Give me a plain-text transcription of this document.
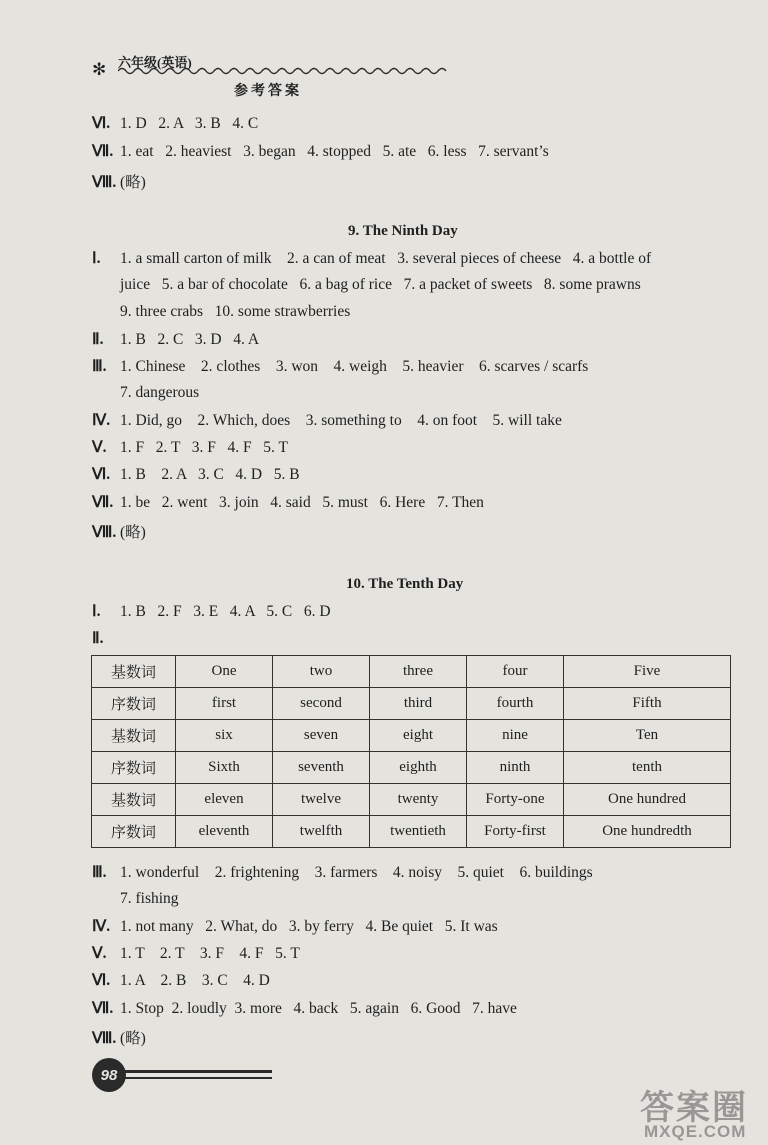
✻ 六年级(英语)
参考答案
Ⅵ. 1. D   2. A   3. B   4. C
Ⅶ. 1. eat   2. heaviest   3. began   4. stopped   5. ate   6. less   7. servant’s
Ⅷ. (略)
9. The Ninth Day
Ⅰ. 1. a small carton of milk    2. a can of meat   3. several pieces of cheese   4. a bottle of
juice   5. a bar of chocolate   6. a bag of rice   7. a packet of sweets   8. some prawns
9. three crabs   10. some strawberries
Ⅱ. 1. B   2. C   3. D   4. A
Ⅲ. 1. Chinese    2. clothes    3. won    4. weigh    5. heavier    6. scarves / scarfs
7. dangerous
Ⅳ. 1. Did, go    2. Which, does    3. something to    4. on foot    5. will take
Ⅴ. 1. F   2. T   3. F   4. F   5. T
Ⅵ. 1. B    2. A   3. C   4. D   5. B
Ⅶ. 1. be   2. went   3. join   4. said   5. must   6. Here   7. Then
Ⅷ. (略)
10. The Tenth Day
Ⅰ. 1. B   2. F   3. E   4. A   5. C   6. D
Ⅱ.
基数词	One	two	three	four	Five
序数词	first	second	third	fourth	Fifth
基数词	six	seven	eight	nine	Ten
序数词	Sixth	seventh	eighth	ninth	tenth
基数词	eleven	twelve	twenty	Forty-one	One hundred
序数词	eleventh	twelfth	twentieth	Forty-first	One hundredth
Ⅲ. 1. wonderful    2. frightening    3. farmers    4. noisy    5. quiet    6. buildings
7. fishing
Ⅳ. 1. not many   2. What, do   3. by ferry   4. Be quiet   5. It was
Ⅴ. 1. T    2. T    3. F    4. F   5. T
Ⅵ. 1. A    2. B    3. C    4. D
Ⅶ. 1. Stop  2. loudly  3. more   4. back   5. again   6. Good   7. have
Ⅷ. (略)
98
答案圈
MXQE.COM
